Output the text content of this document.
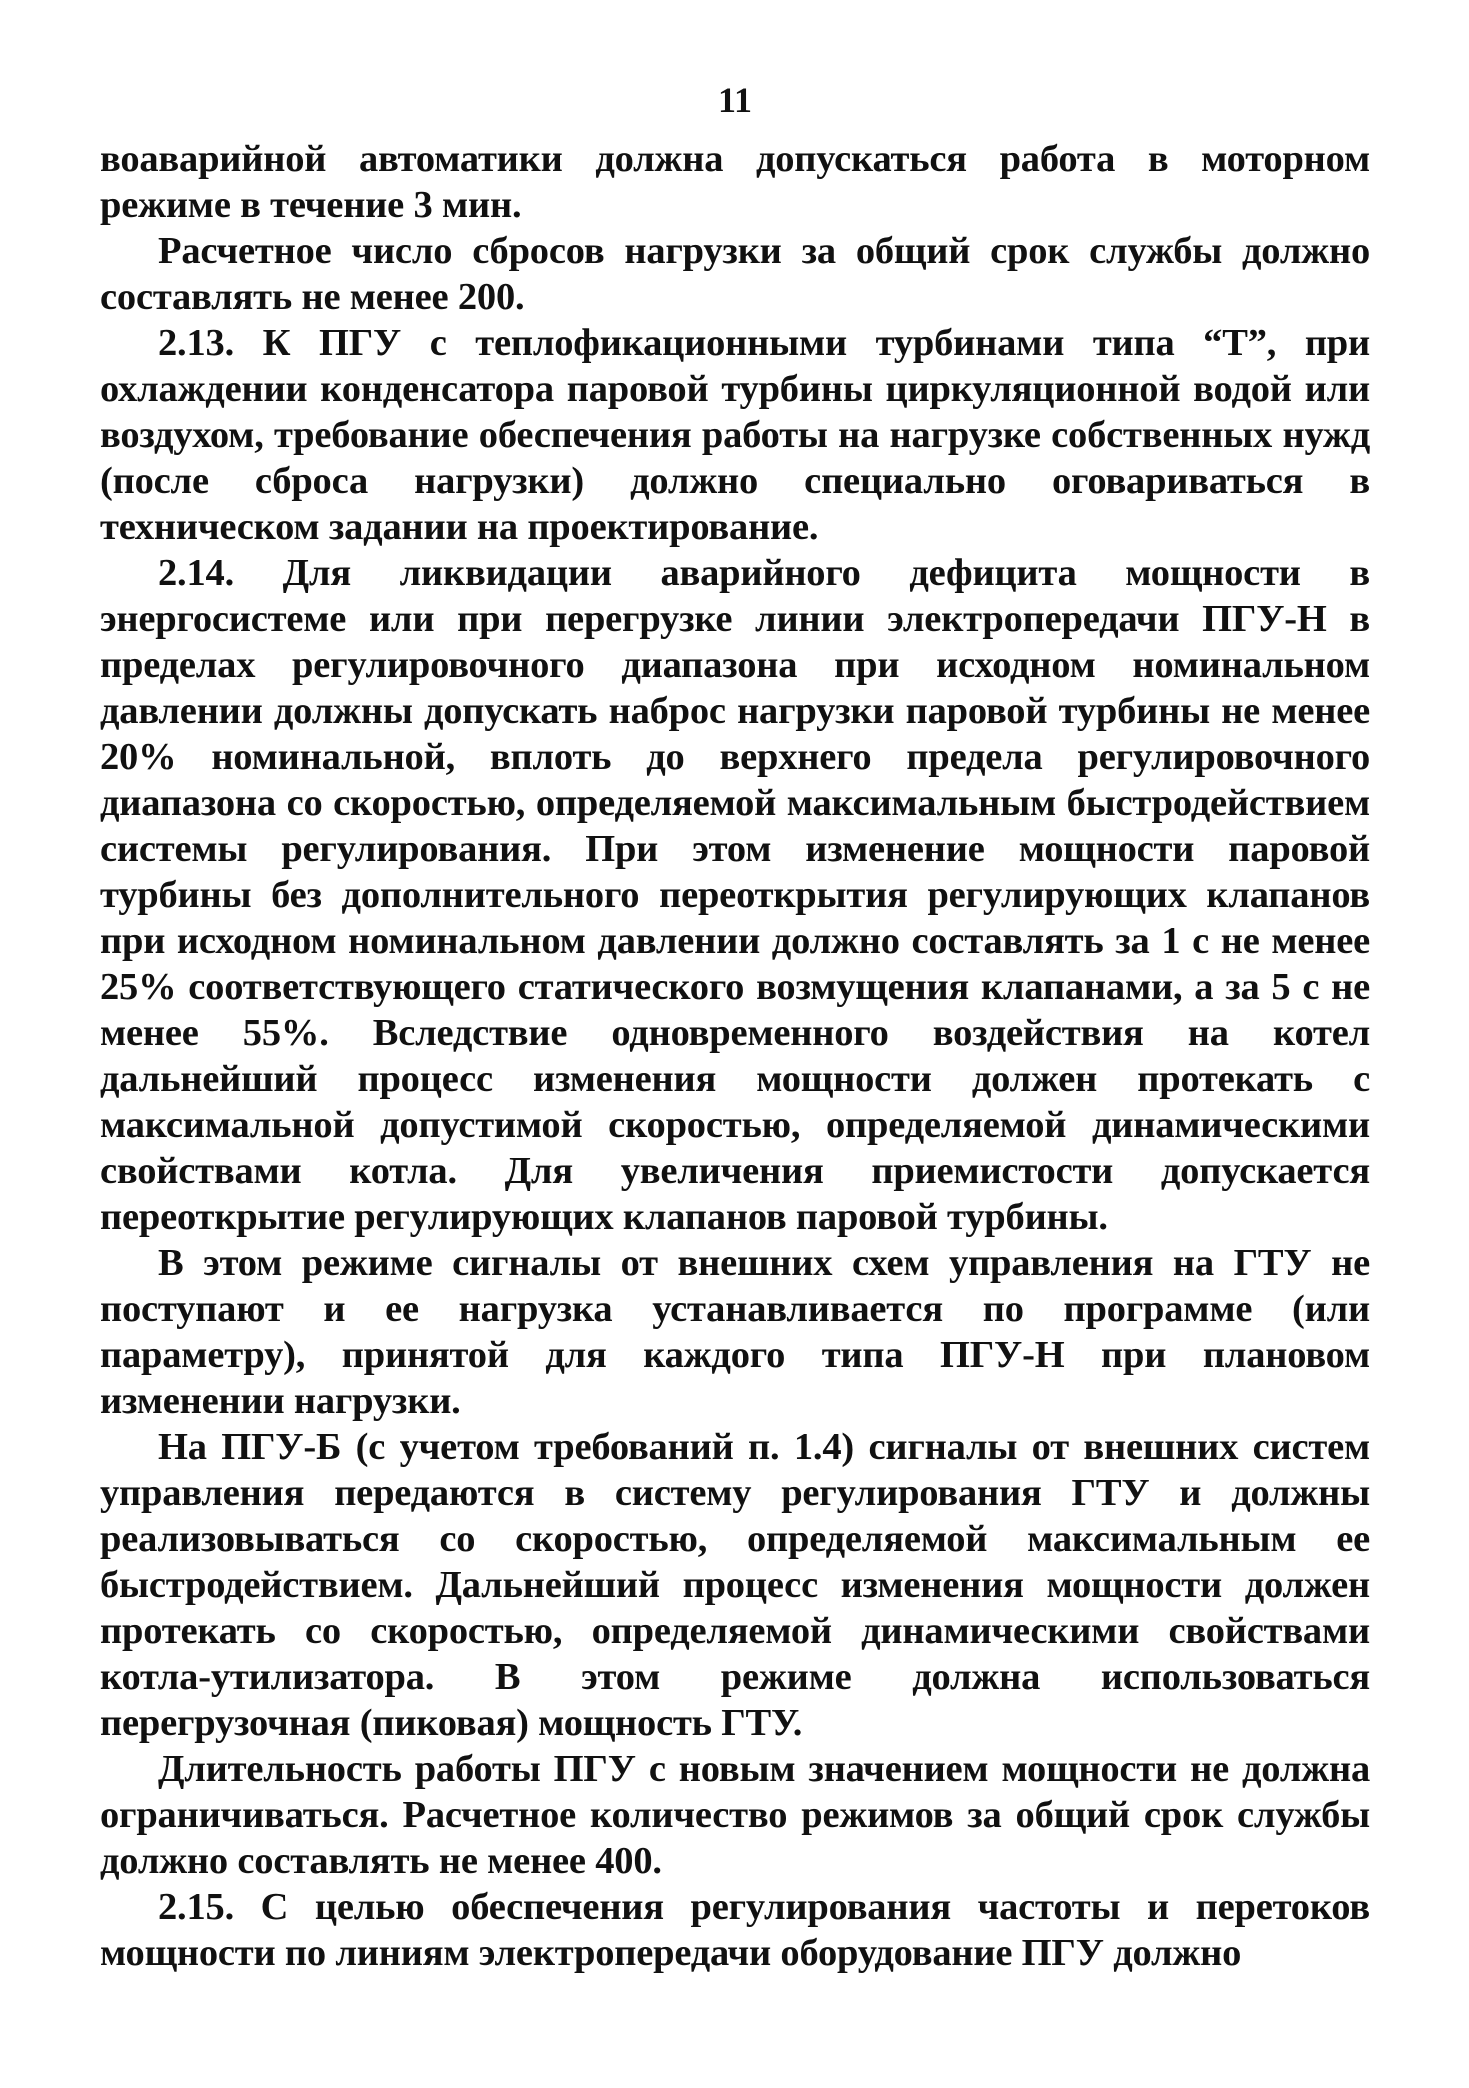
11

воаварийной автоматики должна допускаться работа в моторном режиме в течение 3 мин.

Расчетное число сбросов нагрузки за общий срок службы должно составлять не менее 200.

2.13. К ПГУ с теплофикационными турбинами типа “Т”, при охлаждении конденсатора паровой турбины циркуляционной водой или воздухом, требование обеспечения работы на нагрузке собственных нужд (после сброса нагрузки) должно специально оговариваться в техническом задании на проектирование.

2.14. Для ликвидации аварийного дефицита мощности в энергосистеме или при перегрузке линии электропередачи ПГУ-Н в пределах регулировочного диапазона при исходном номинальном давлении должны допускать наброс нагрузки паровой турбины не менее 20% номинальной, вплоть до верхнего предела регулировочного диапазона со скоростью, определяемой максимальным быстродействием системы регулирования. При этом изменение мощности паровой турбины без дополнительного переоткрытия регулирующих клапанов при исходном номинальном давлении должно составлять за 1 с не менее 25% соответствующего статического возмущения клапанами, а за 5 с не менее 55%. Вследствие одновременного воздействия на котел дальнейший процесс изменения мощности должен протекать с максимальной допустимой скоростью, определяемой динамическими свойствами котла. Для увеличения приемистости допускается переоткрытие регулирующих клапанов паровой турбины.

В этом режиме сигналы от внешних схем управления на ГТУ не поступают и ее нагрузка устанавливается по программе (или параметру), принятой для каждого типа ПГУ-Н при плановом изменении нагрузки.

На ПГУ-Б (с учетом требований п. 1.4) сигналы от внешних систем управления передаются в систему регулирования ГТУ и должны реализовываться со скоростью, определяемой максимальным ее быстродействием. Дальнейший процесс изменения мощности должен протекать со скоростью, определяемой динамическими свойствами котла-утилизатора. В этом режиме должна использоваться перегрузочная (пиковая) мощность ГТУ.

Длительность работы ПГУ с новым значением мощности не должна ограничиваться. Расчетное количество режимов за общий срок службы должно составлять не менее 400.

2.15. С целью обеспечения регулирования частоты и перетоков мощности по линиям электропередачи оборудование ПГУ должно
